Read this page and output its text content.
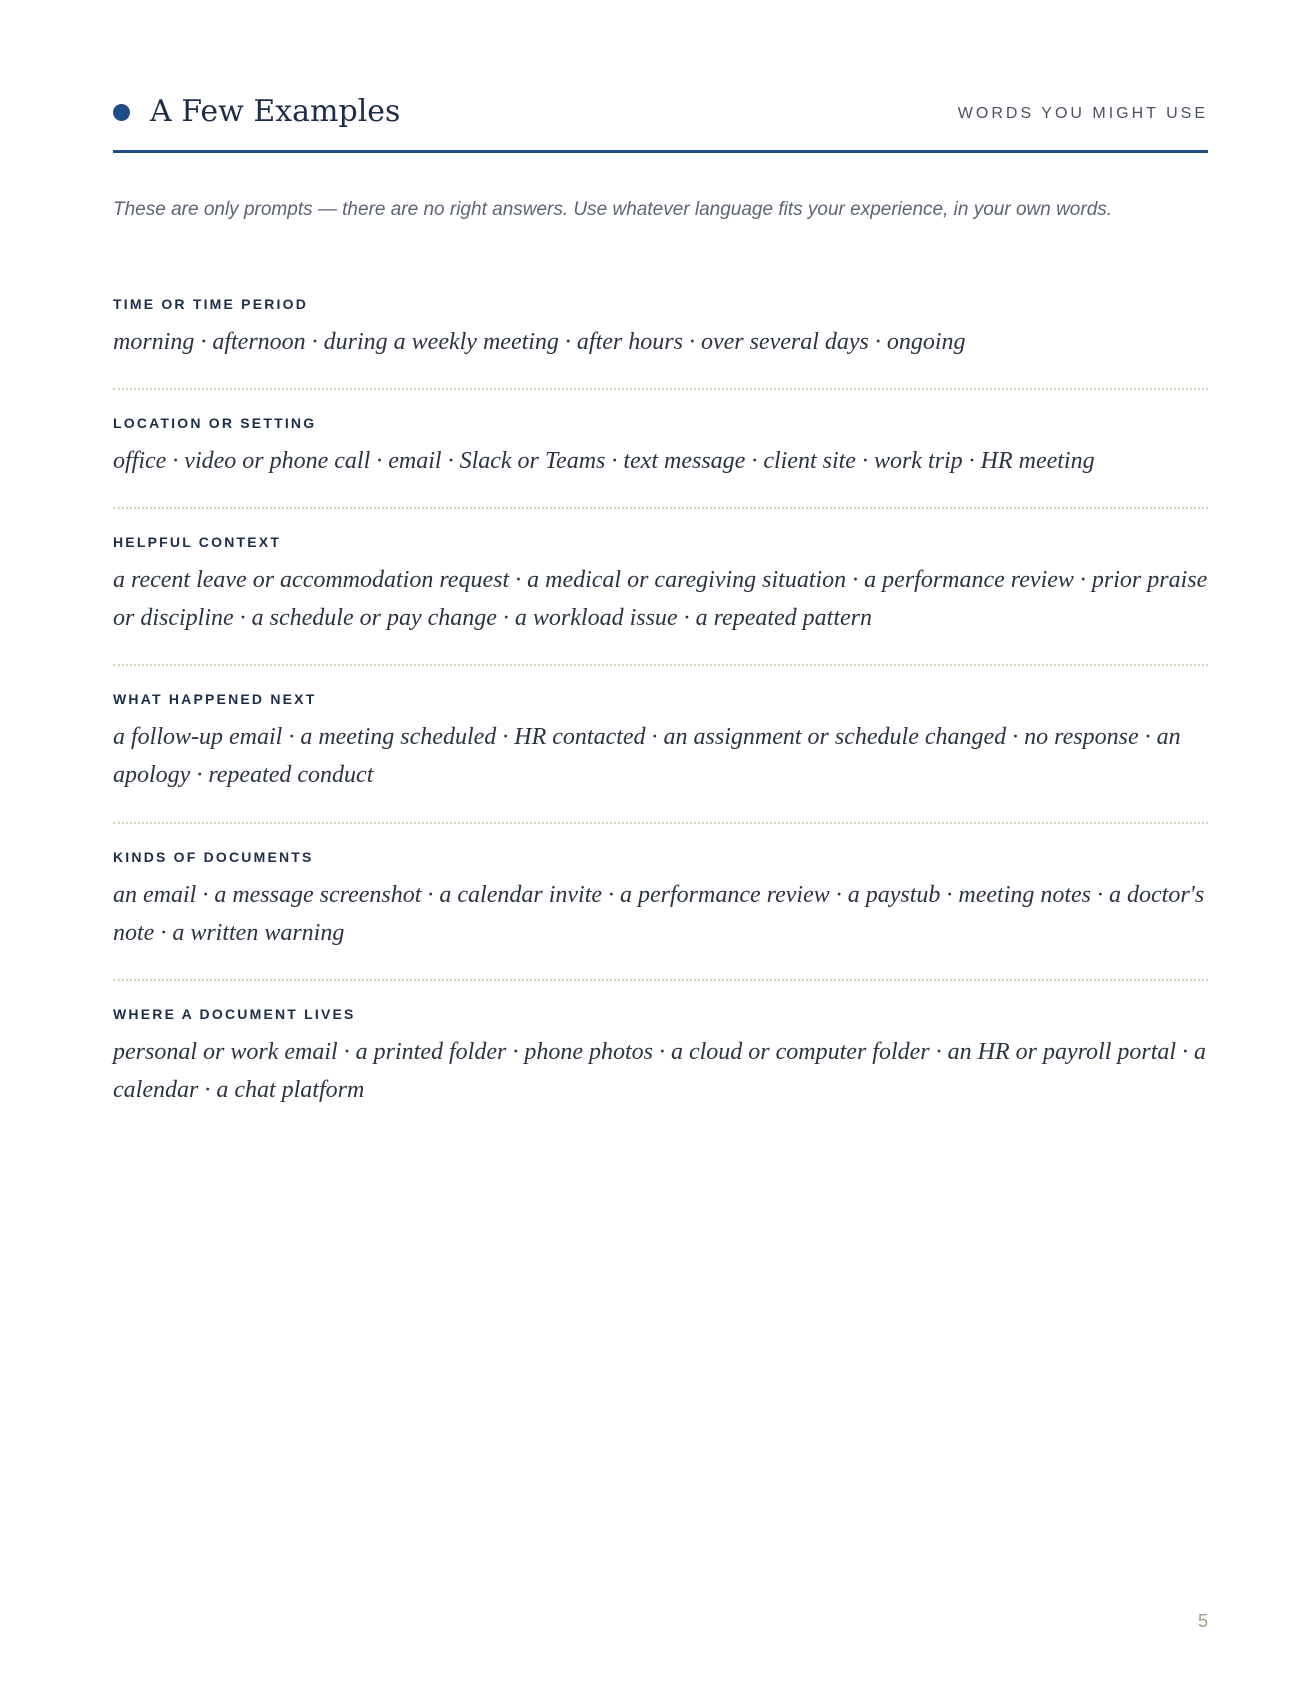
A Few Examples	WORDS YOU MIGHT USE

These are only prompts — there are no right answers. Use whatever language fits your experience, in your own words.

TIME OR TIME PERIOD

morning · afternoon · during a weekly meeting · after hours · over several days · ongoing

LOCATION OR SETTING

office · video or phone call · email · Slack or Teams · text message · client site · work trip · HR meeting

HELPFUL CONTEXT

a recent leave or accommodation request · a medical or caregiving situation · a performance review · prior praise or discipline · a schedule or pay change · a workload issue · a repeated pattern

WHAT HAPPENED NEXT

a follow-up email · a meeting scheduled · HR contacted · an assignment or schedule changed · no response · an apology · repeated conduct

KINDS OF DOCUMENTS

an email · a message screenshot · a calendar invite · a performance review · a paystub · meeting notes · a doctor's note · a written warning

WHERE A DOCUMENT LIVES

personal or work email · a printed folder · phone photos · a cloud or computer folder · an HR or payroll portal · a calendar · a chat platform

5
